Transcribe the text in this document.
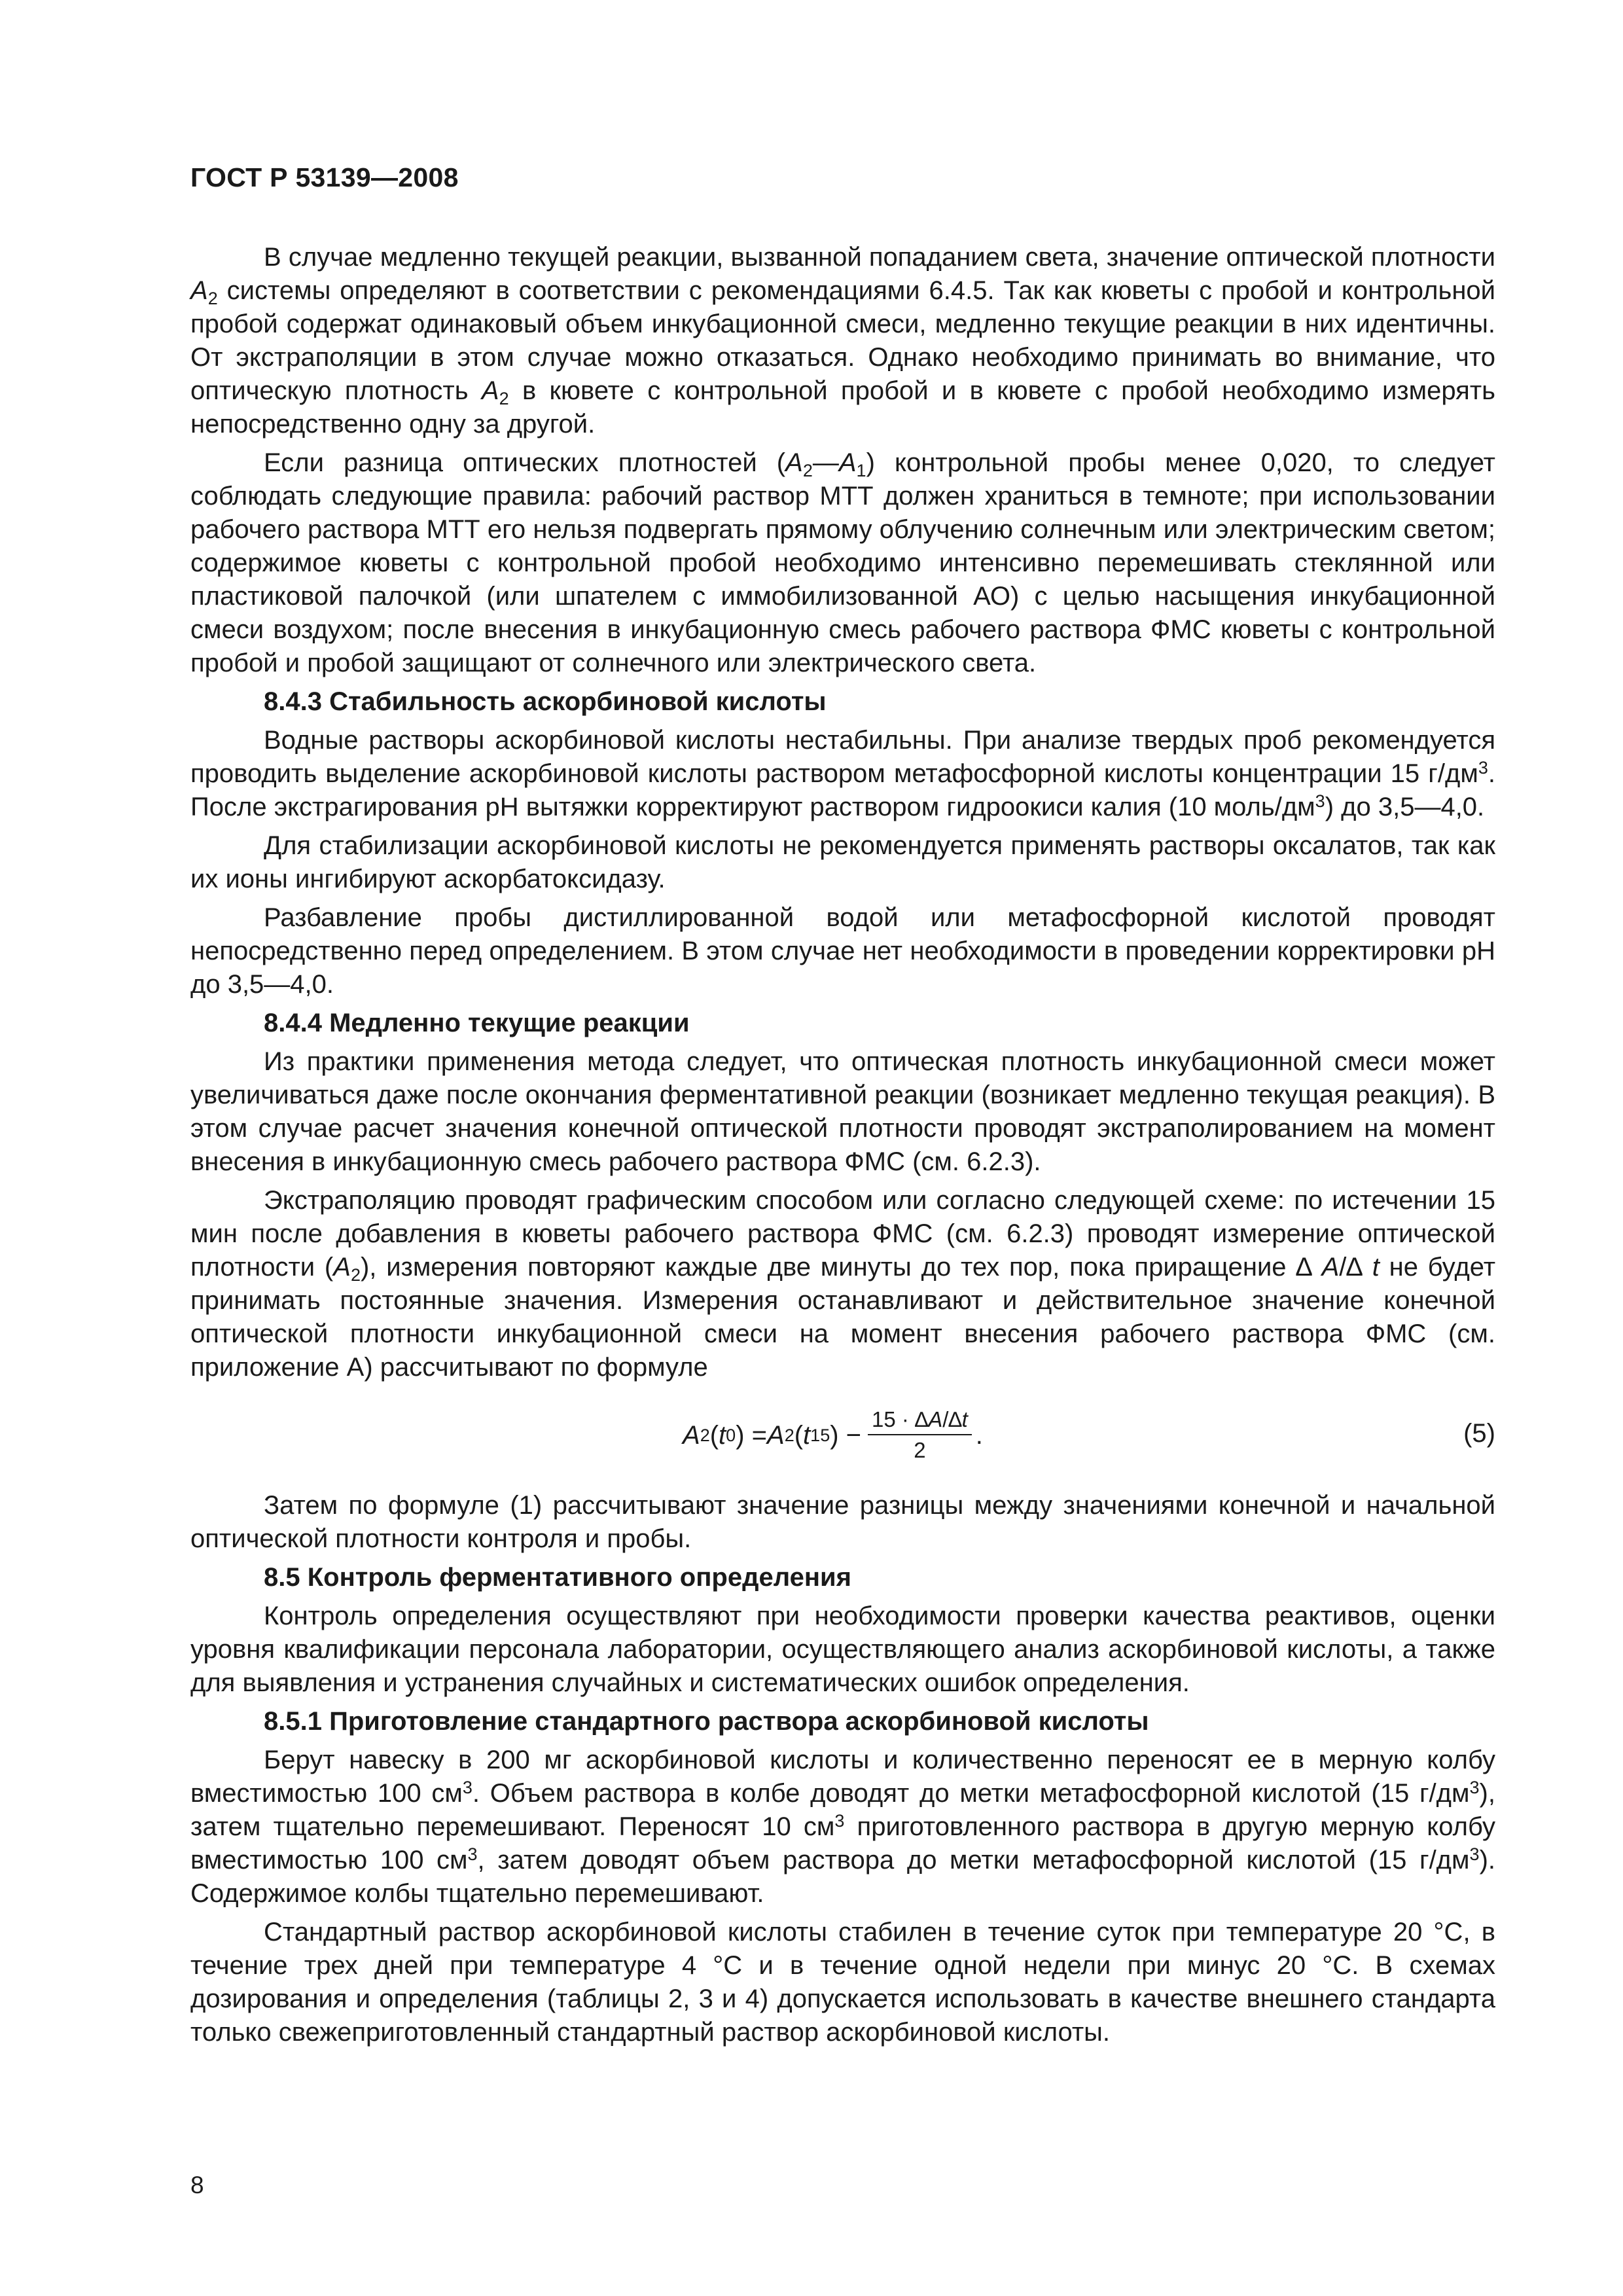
ГОСТ Р 53139—2008

В случае медленно текущей реакции, вызванной попаданием света, значение оптической плотности $A_2$ системы определяют в соответствии с рекомендациями 6.4.5. Так как кюветы с пробой и контрольной пробой содержат одинаковый объем инкубационной смеси, медленно текущие реакции в них идентичны. От экстраполяции в этом случае можно отказаться. Однако необходимо принимать во внимание, что оптическую плотность $A_2$ в кювете с контрольной пробой и в кювете с пробой необходимо измерять непосредственно одну за другой.

Если разница оптических плотностей $(A_2—A_1)$ контрольной пробы менее 0,020, то следует соблюдать следующие правила: рабочий раствор МТТ должен храниться в темноте; при использовании рабочего раствора МТТ его нельзя подвергать прямому облучению солнечным или электрическим светом; содержимое кюветы с контрольной пробой необходимо интенсивно перемешивать стеклянной или пластиковой палочкой (или шпателем с иммобилизованной АО) с целью насыщения инкубационной смеси воздухом; после внесения в инкубационную смесь рабочего раствора ФМС кюветы с контрольной пробой и пробой защищают от солнечного или электрического света.

8.4.3 Стабильность аскорбиновой кислоты

Водные растворы аскорбиновой кислоты нестабильны. При анализе твердых проб рекомендуется проводить выделение аскорбиновой кислоты раствором метафосфорной кислоты концентрации 15 $г/дм^3$. После экстрагирования рН вытяжки корректируют раствором гидроокиси калия (10 моль/$дм^3$) до 3,5—4,0.

Для стабилизации аскорбиновой кислоты не рекомендуется применять растворы оксалатов, так как их ионы ингибируют аскорбатоксидазу.

Разбавление пробы дистиллированной водой или метафосфорной кислотой проводят непосредственно перед определением. В этом случае нет необходимости в проведении корректировки рН до 3,5—4,0.

8.4.4 Медленно текущие реакции

Из практики применения метода следует, что оптическая плотность инкубационной смеси может увеличиваться даже после окончания ферментативной реакции (возникает медленно текущая реакция). В этом случае расчет значения конечной оптической плотности проводят экстраполированием на момент внесения в инкубационную смесь рабочего раствора ФМС (см. 6.2.3).

Экстраполяцию проводят графическим способом или согласно следующей схеме: по истечении 15 мин после добавления в кюветы рабочего раствора ФМС (см. 6.2.3) проводят измерение оптической плотности $(A_2)$, измерения повторяют каждые две минуты до тех пор, пока приращение ∆ A/∆ t не будет принимать постоянные значения. Измерения останавливают и действительное значение конечной оптической плотности инкубационной смеси на момент внесения рабочего раствора ФМС (см. приложение А) рассчитывают по формуле

A 2 ( t 0 ) = A 2 ( t 15 ) − $\frac{15 \cdot \Delta A/\Delta t}{2}$ .	(5)

Затем по формуле (1) рассчитывают значение разницы между значениями конечной и начальной оптической плотности контроля и пробы.

8.5 Контроль ферментативного определения

Контроль определения осуществляют при необходимости проверки качества реактивов, оценки уровня квалификации персонала лаборатории, осуществляющего анализ аскорбиновой кислоты, а также для выявления и устранения случайных и систематических ошибок определения.

8.5.1 Приготовление стандартного раствора аскорбиновой кислоты

Берут навеску в 200 мг аскорбиновой кислоты и количественно переносят ее в мерную колбу вместимостью 100 $см^3$. Объем раствора в колбе доводят до метки метафосфорной кислотой (15 $г/дм^3$), затем тщательно перемешивают. Переносят 10 $см^3$ приготовленного раствора в другую мерную колбу вместимостью 100 $см^3$, затем доводят объем раствора до метки метафосфорной кислотой (15 $г/дм^3$). Содержимое колбы тщательно перемешивают.

Стандартный раствор аскорбиновой кислоты стабилен в течение суток при температуре 20 °С, в течение трех дней при температуре 4 °С и в течение одной недели при минус 20 °С. В схемах дозирования и определения (таблицы 2, 3 и 4) допускается использовать в качестве внешнего стандарта только свежеприготовленный стандартный раствор аскорбиновой кислоты.

8
